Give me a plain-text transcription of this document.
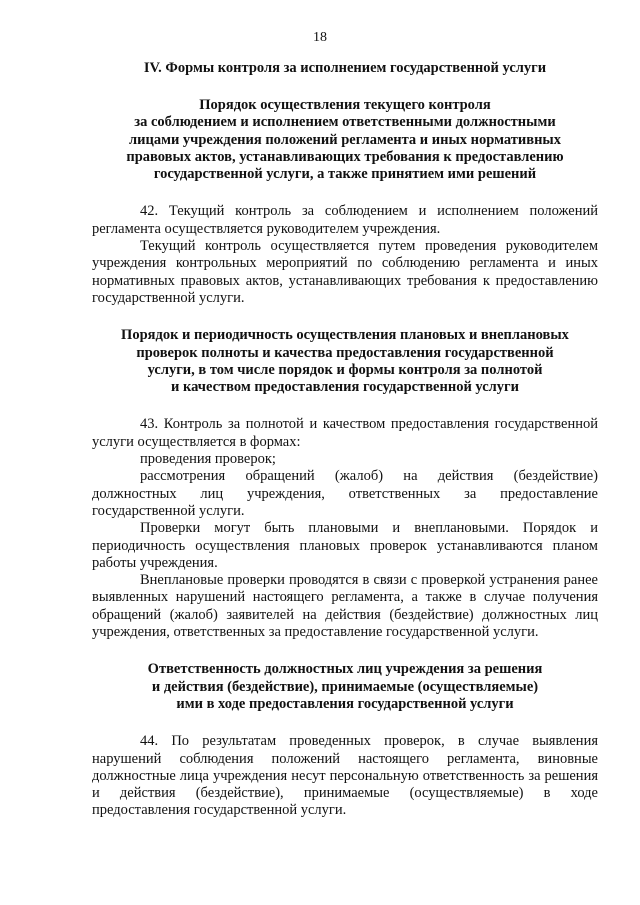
18

IV. Формы контроля за исполнением государственной услуги

Порядок осуществления текущего контроля
за соблюдением и исполнением ответственными должностными
лицами учреждения положений регламента и иных нормативных
правовых актов, устанавливающих требования к предоставлению
государственной услуги, а также принятием ими решений

42. Текущий контроль за соблюдением и исполнением положений регламента осуществляется руководителем учреждения.

Текущий контроль осуществляется путем проведения руководителем учреждения контрольных мероприятий по соблюдению регламента и иных нормативных правовых актов, устанавливающих требования к предоставлению государственной услуги.

Порядок и периодичность осуществления плановых и внеплановых
проверок полноты и качества предоставления государственной
услуги, в том числе порядок и формы контроля за полнотой
и качеством предоставления государственной услуги

43. Контроль за полнотой и качеством предоставления государственной услуги осуществляется в формах:

проведения проверок;

рассмотрения обращений (жалоб) на действия (бездействие) должностных лиц учреждения, ответственных за предоставление государственной услуги.

Проверки могут быть плановыми и внеплановыми. Порядок и периодичность осуществления плановых проверок устанавливаются планом работы учреждения.

Внеплановые проверки проводятся в связи с проверкой устранения ранее выявленных нарушений настоящего регламента, а также в случае получения обращений (жалоб) заявителей на действия (бездействие) должностных лиц учреждения, ответственных за предоставление государственной услуги.

Ответственность должностных лиц учреждения за решения
и действия (бездействие), принимаемые (осуществляемые)
ими в ходе предоставления государственной услуги

44. По результатам проведенных проверок, в случае выявления нарушений соблюдения положений настоящего регламента, виновные должностные лица учреждения несут персональную ответственность за решения и действия (бездействие), принимаемые (осуществляемые) в ходе предоставления государственной услуги.
